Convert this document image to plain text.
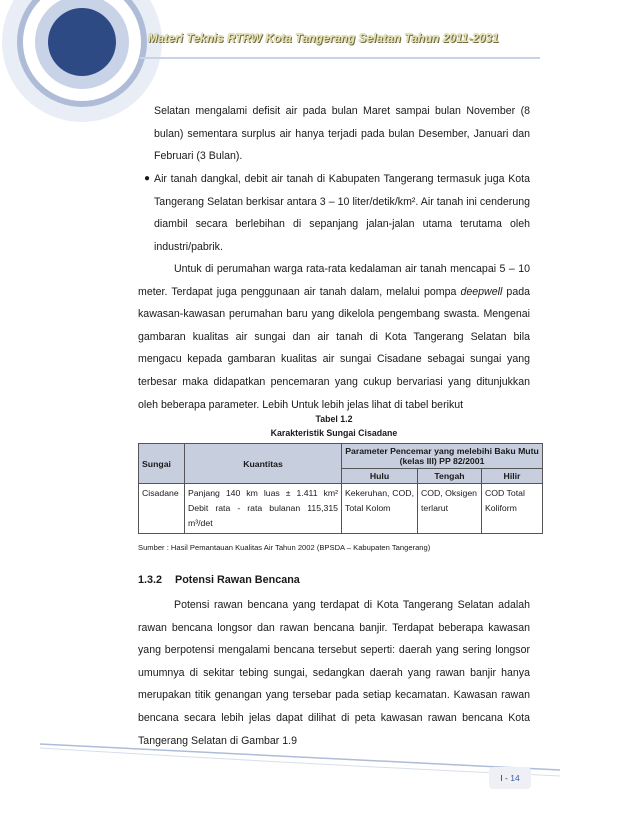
Materi Teknis RTRW Kota Tangerang Selatan Tahun 2011-2031
Selatan mengalami defisit air pada bulan Maret sampai bulan November (8 bulan) sementara surplus air hanya terjadi pada bulan Desember, Januari dan Februari (3 Bulan).
● Air tanah dangkal, debit air tanah di Kabupaten Tangerang termasuk juga Kota Tangerang Selatan berkisar antara 3 – 10 liter/detik/km². Air tanah ini cenderung diambil secara berlebihan di sepanjang jalan-jalan utama terutama oleh industri/pabrik.
Untuk di perumahan warga rata-rata kedalaman air tanah mencapai 5 – 10 meter. Terdapat juga penggunaan air tanah dalam, melalui pompa deepwell pada kawasan-kawasan perumahan baru yang dikelola pengembang swasta. Mengenai gambaran kualitas air sungai dan air tanah di Kota Tangerang Selatan bila mengacu kepada gambaran kualitas air sungai Cisadane sebagai sungai yang terbesar maka didapatkan pencemaran yang cukup bervariasi yang ditunjukkan oleh beberapa parameter. Lebih Untuk lebih jelas lihat di tabel berikut
Tabel 1.2
Karakteristik Sungai Cisadane
Sungai	Kuantitas	Parameter Pencemar yang melebihi Baku Mutu (kelas III) PP 82/2001		
		Hulu	Tengah	Hilir
Cisadane	Panjang 140 km luas ± 1.411 km² Debit rata - rata bulanan 115,315 m³/det	Kekeruhan, COD, Total Kolom	COD, Oksigen terlarut	COD Total Koliform
Sumber : Hasil Pemantauan Kualitas Air Tahun 2002 (BPSDA – Kabupaten Tangerang)
1.3.2 Potensi Rawan Bencana
Potensi rawan bencana yang terdapat di Kota Tangerang Selatan adalah rawan bencana longsor dan rawan bencana banjir. Terdapat beberapa kawasan yang berpotensi mengalami bencana tersebut seperti: daerah yang sering longsor umumnya di sekitar tebing sungai, sedangkan daerah yang rawan banjir hanya merupakan titik genangan yang tersebar pada setiap kecamatan. Kawasan rawan bencana secara lebih jelas dapat dilihat di peta kawasan rawan bencana Kota Tangerang Selatan di Gambar 1.9
I - 14
